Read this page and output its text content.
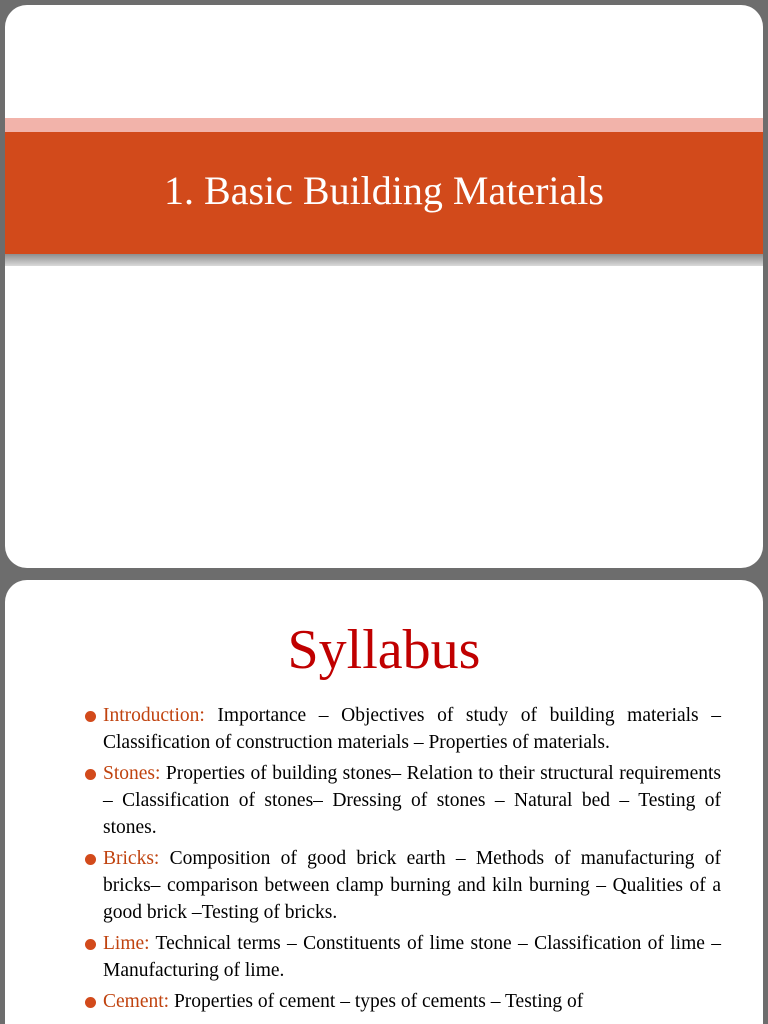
1. Basic Building Materials
Syllabus
Introduction: Importance – Objectives of study of building materials – Classification of construction materials – Properties of materials.
Stones: Properties of building stones– Relation to their structural requirements – Classification of stones– Dressing of stones – Natural bed – Testing of stones.
Bricks: Composition of good brick earth – Methods of manufacturing of bricks– comparison between clamp burning and kiln burning – Qualities of a good brick –Testing of bricks.
Lime: Technical terms – Constituents of lime stone – Classification of lime – Manufacturing of lime.
Cement: Properties of cement – types of cements – Testing of
